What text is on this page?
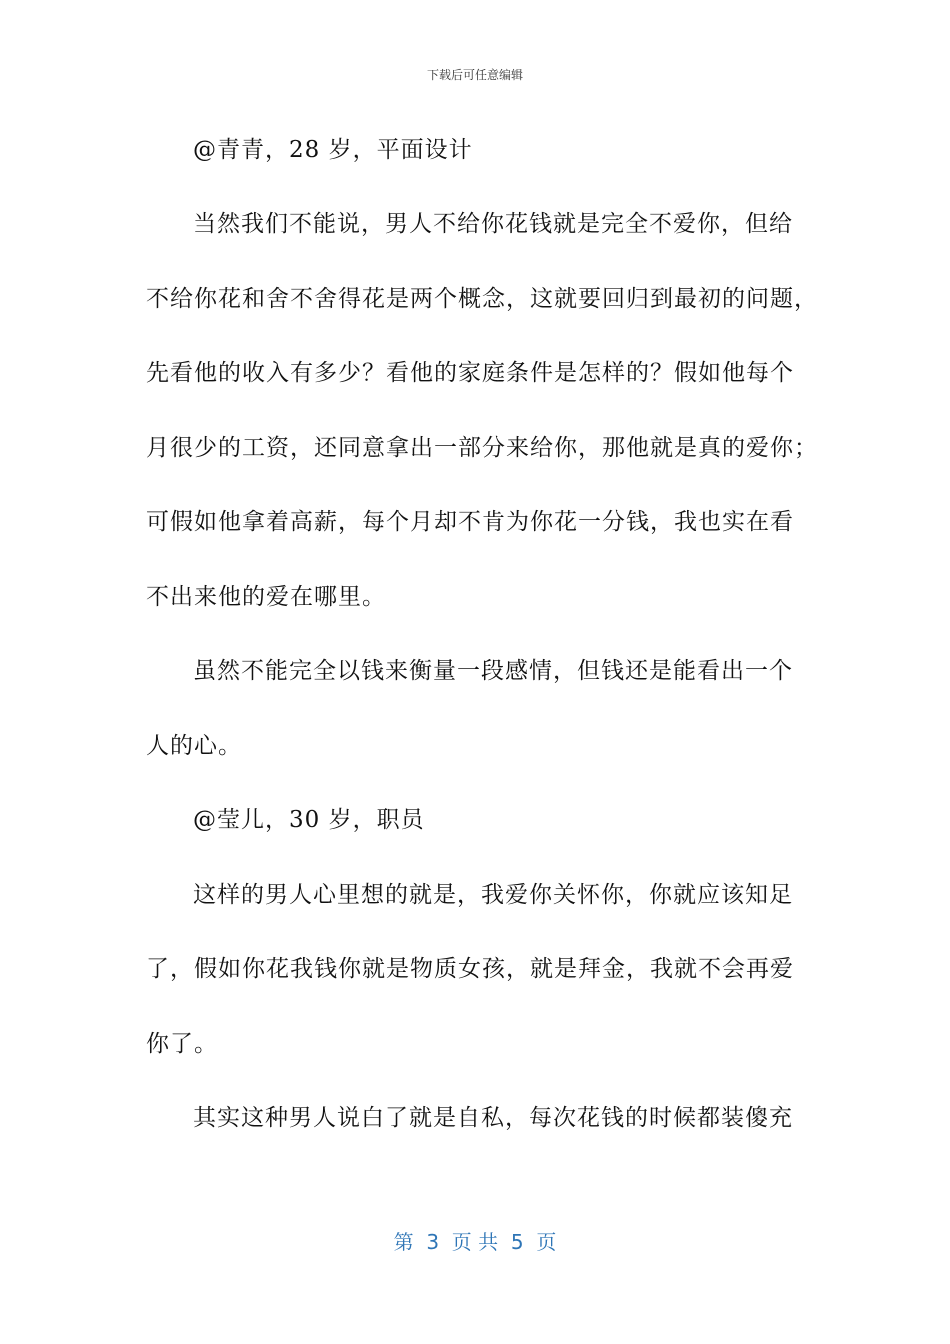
下载后可任意编辑
@青青，28 岁，平面设计
当然我们不能说，男人不给你花钱就是完全不爱你，但给
不给你花和舍不舍得花是两个概念，这就要回归到最初的问题，
先看他的收入有多少？看他的家庭条件是怎样的？假如他每个
月很少的工资，还同意拿出一部分来给你，那他就是真的爱你；
可假如他拿着高薪，每个月却不肯为你花一分钱，我也实在看
不出来他的爱在哪里。
虽然不能完全以钱来衡量一段感情，但钱还是能看出一个
人的心。
@莹儿，30 岁，职员
这样的男人心里想的就是，我爱你关怀你，你就应该知足
了，假如你花我钱你就是物质女孩，就是拜金，我就不会再爱
你了。
其实这种男人说白了就是自私，每次花钱的时候都装傻充
第  3  页 共  5  页
